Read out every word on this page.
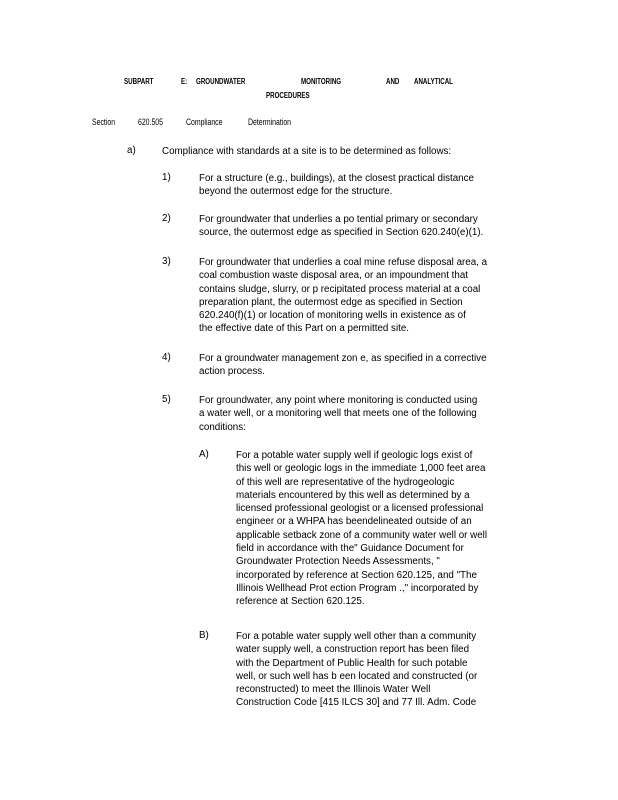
SUBPART	E: GROUNDWATER	MONITORING	AND ANALYTICAL
PROCEDURES
Section 620.505 Compliance	Determination
a)	Compliance with standards at a site is to be determined as follows:
1)	For a structure (e.g., buildings), at the closest practical distance
beyond the outermost edge for the structure.
2)	For groundwater that underlies a po tential primary or secondary
source, the outermost edge as specified in Section 620.240(e)(1).
3)	For groundwater that underlies a coal mine refuse disposal area, a
coal combustion waste disposal area, or an impoundment that
contains sludge, slurry, or p recipitated process material at a coal
preparation plant, the outermost edge as specified in Section
620.240(f)(1) or location of monitoring wells in existence as of
the effective date of this Part on a permitted site.
4)	For a groundwater management zon e, as specified in a corrective
action process.
5)	For groundwater, any point where monitoring is conducted using
a water well, or a monitoring well that meets one of the following
conditions:
A)	For a potable water supply well if geologic logs exist of
this well or geologic logs in the immediate 1,000 feet area
of this well are representative of the hydrogeologic
materials encountered by this well as determined by a
licensed professional geologist or a licensed professional
engineer or a WHPA has beendelineated outside of an
applicable setback zone of a community water well or well
field in accordance with the" Guidance Document for
Groundwater Protection Needs Assessments, "
incorporated by reference at Section 620.125, and "The
Illinois Wellhead Prot ection Program .," incorporated by
reference at Section 620.125.
B)	For a potable water supply well other than a community
water supply well, a construction report has been filed
with the Department of Public Health for such potable
well, or such well has b een located and constructed (or
reconstructed) to meet the Illinois Water Well
Construction Code [415 ILCS 30] and 77 Ill. Adm. Code
